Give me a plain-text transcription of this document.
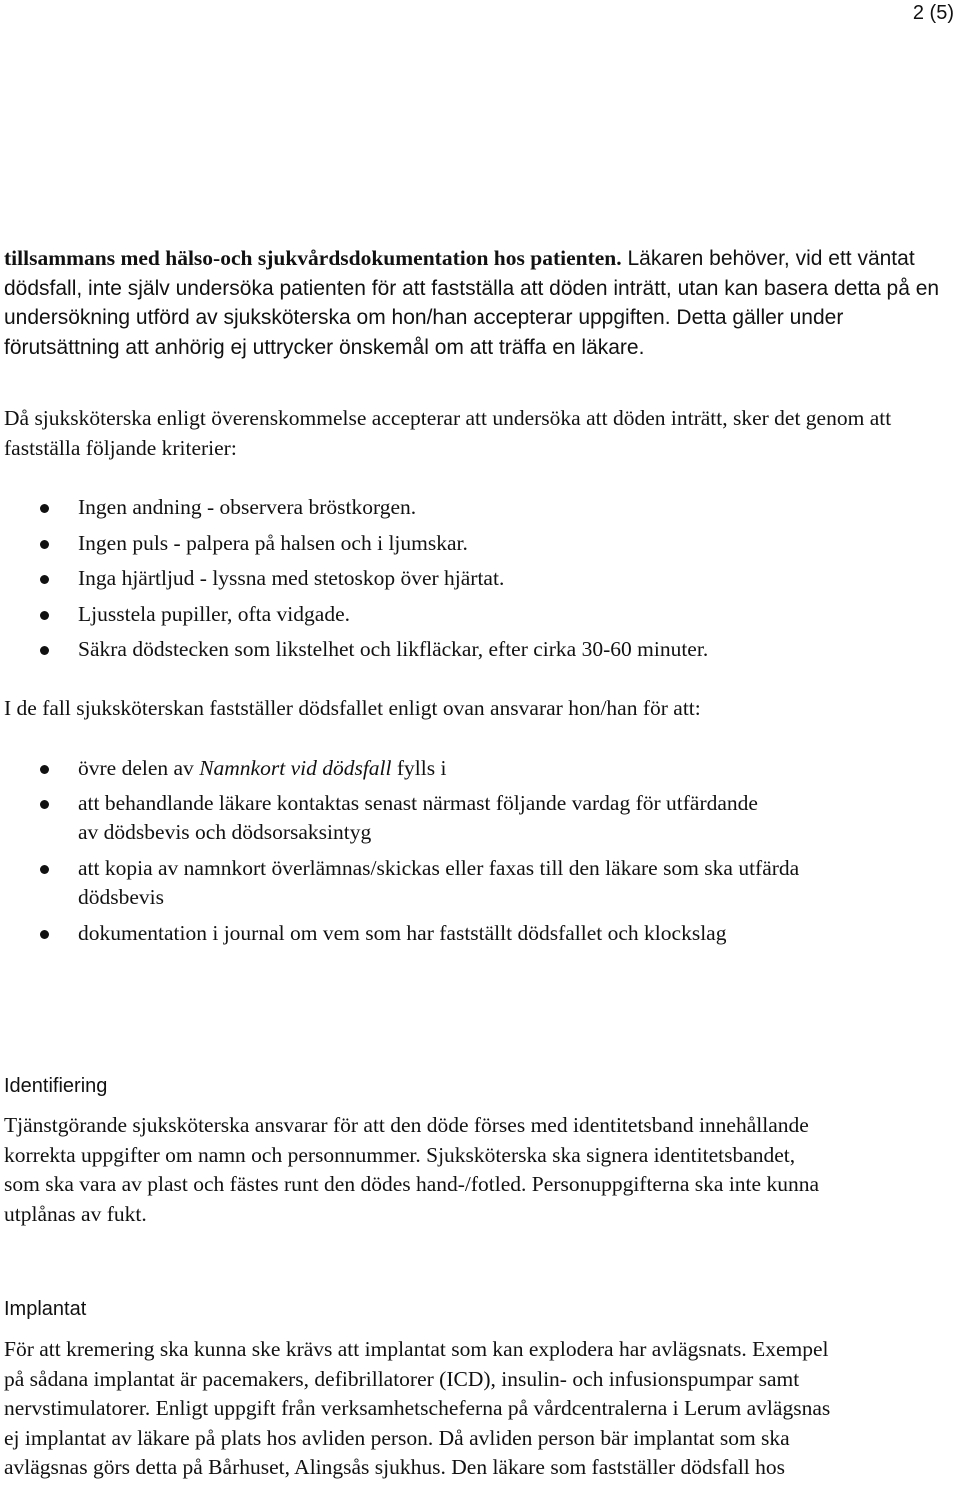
2 (5)
tillsammans med hälso-och sjukvårdsdokumentation hos patienten. Läkaren behöver, vid ett väntat dödsfall, inte själv undersöka patienten för att fastställa att döden inträtt, utan kan basera detta på en undersökning utförd av sjuksköterska om hon/han accepterar uppgiften. Detta gäller under förutsättning att anhörig ej uttrycker önskemål om att träffa en läkare.
Då sjuksköterska enligt överenskommelse accepterar att undersöka att döden inträtt, sker det genom att fastställa följande kriterier:
Ingen andning - observera bröstkorgen.
Ingen puls - palpera på halsen och i ljumskar.
Inga hjärtljud - lyssna med stetoskop över hjärtat.
Ljusstela pupiller, ofta vidgade.
Säkra dödstecken som likstelhet och likfläckar, efter cirka 30-60 minuter.
I de fall sjuksköterskan fastställer dödsfallet enligt ovan ansvarar hon/han för att:
övre delen av Namnkort vid dödsfall fylls i
att behandlande läkare kontaktas senast närmast följande vardag för utfärdande av dödsbevis och dödsorsaksintyg
att kopia av namnkort överlämnas/skickas eller faxas till den läkare som ska utfärda dödsbevis
dokumentation i journal om vem som har fastställt dödsfallet och klockslag
Identifiering
Tjänstgörande sjuksköterska ansvarar för att den döde förses med identitetsband innehållande korrekta uppgifter om namn och personnummer. Sjuksköterska ska signera identitetsbandet, som ska vara av plast och fästes runt den dödes hand-/fotled. Personuppgifterna ska inte kunna utplånas av fukt.
Implantat
För att kremering ska kunna ske krävs att implantat som kan explodera har avlägsnats. Exempel på sådana implantat är pacemakers, defibrillatorer (ICD), insulin- och infusionspumpar samt nervstimulatorer. Enligt uppgift från verksamhetscheferna på vårdcentralerna i Lerum avlägsnas ej implantat av läkare på plats hos avliden person. Då avliden person bär implantat som ska avlägsnas görs detta på Bårhuset, Alingsås sjukhus. Den läkare som fastställer dödsfall hos
